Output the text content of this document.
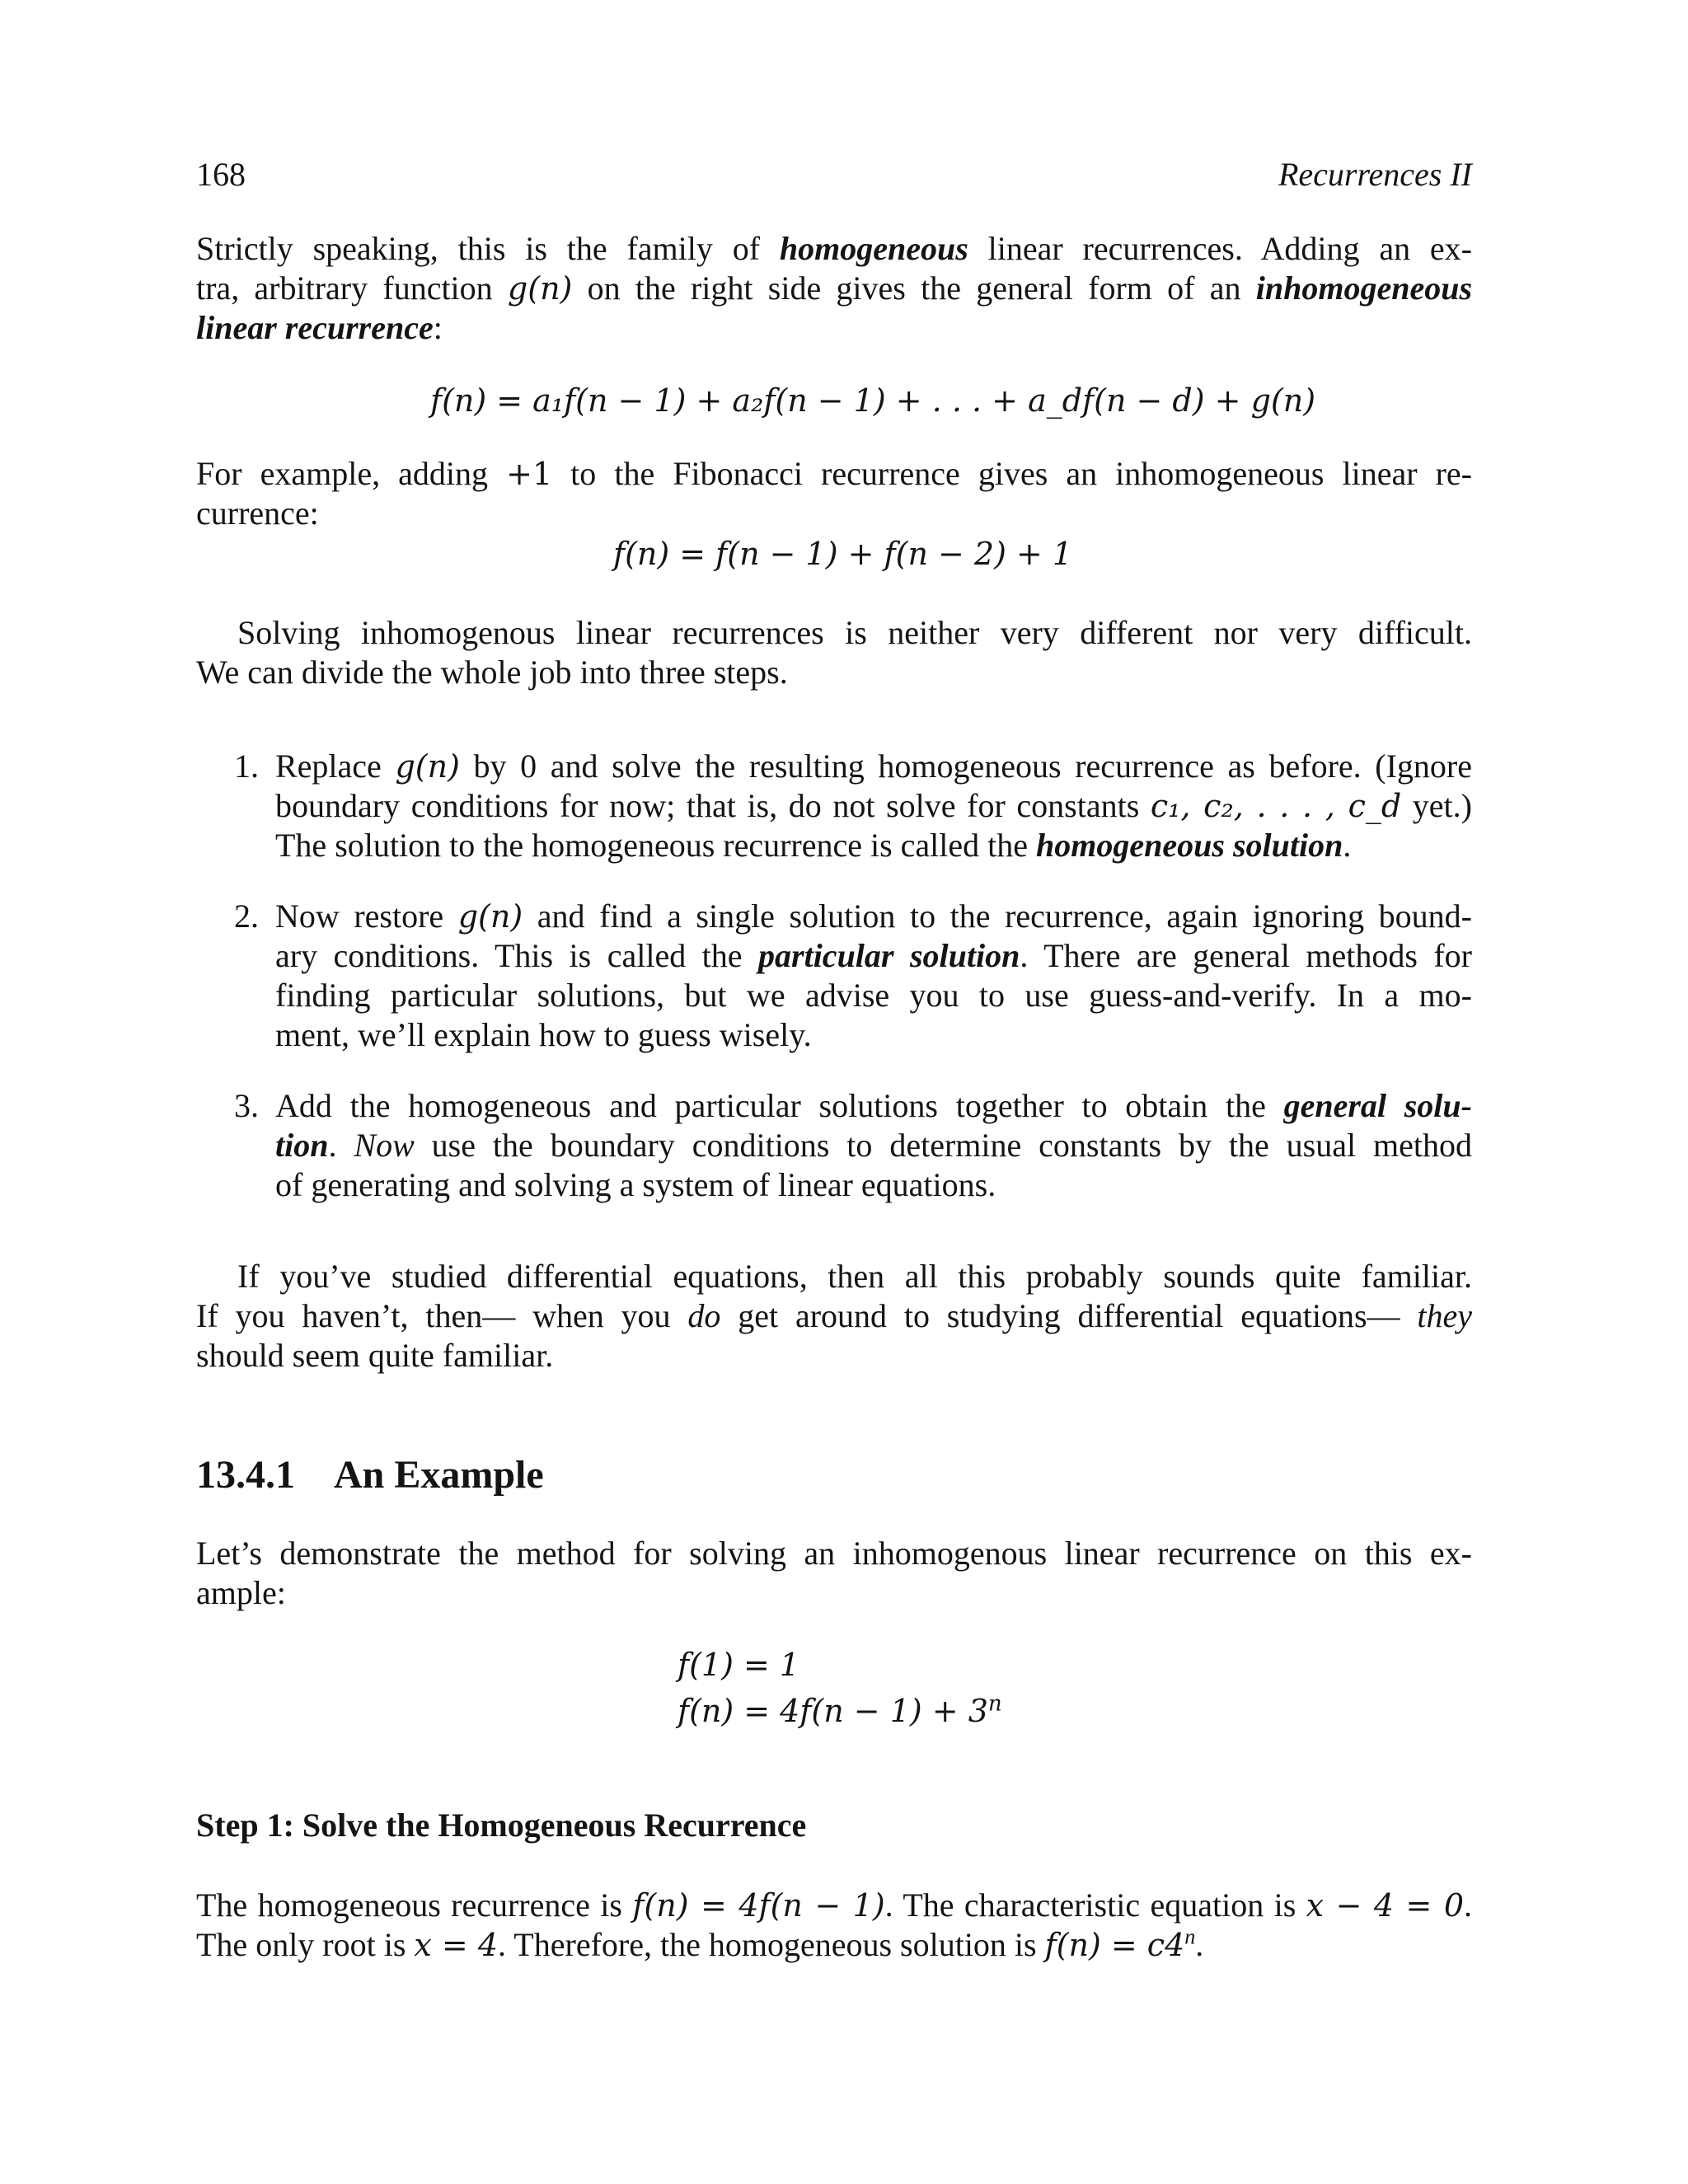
168	Recurrences II
Strictly speaking, this is the family of homogeneous linear recurrences. Adding an ex-
tra, arbitrary function g(n) on the right side gives the general form of an inhomogeneous
linear recurrence:
f(n) = a₁f(n − 1) + a₂f(n − 1) + . . . + a_df(n − d) + g(n)
For example, adding +1 to the Fibonacci recurrence gives an inhomogeneous linear re-
currence:
f(n) = f(n − 1) + f(n − 2) + 1
Solving inhomogenous linear recurrences is neither very different nor very difficult.
We can divide the whole job into three steps.
1. Replace g(n) by 0 and solve the resulting homogeneous recurrence as before. (Ignore
boundary conditions for now; that is, do not solve for constants c₁, c₂, . . . , c_d yet.)
The solution to the homogeneous recurrence is called the homogeneous solution.
2. Now restore g(n) and find a single solution to the recurrence, again ignoring bound-
ary conditions. This is called the particular solution. There are general methods for
finding particular solutions, but we advise you to use guess-and-verify. In a mo-
ment, we’ll explain how to guess wisely.
3. Add the homogeneous and particular solutions together to obtain the general solu-
tion. Now use the boundary conditions to determine constants by the usual method
of generating and solving a system of linear equations.
If you’ve studied differential equations, then all this probably sounds quite familiar.
If you haven’t, then— when you do get around to studying differential equations— they
should seem quite familiar.
13.4.1 An Example
Let’s demonstrate the method for solving an inhomogenous linear recurrence on this ex-
ample:
f(1) = 1
$f(n) = 4f(n - 1) + 3^n$
Step 1: Solve the Homogeneous Recurrence
The homogeneous recurrence is f(n) = 4f(n − 1). The characteristic equation is x − 4 = 0.
The only root is x = 4. Therefore, the homogeneous solution is $f(n) = c4^n$.
